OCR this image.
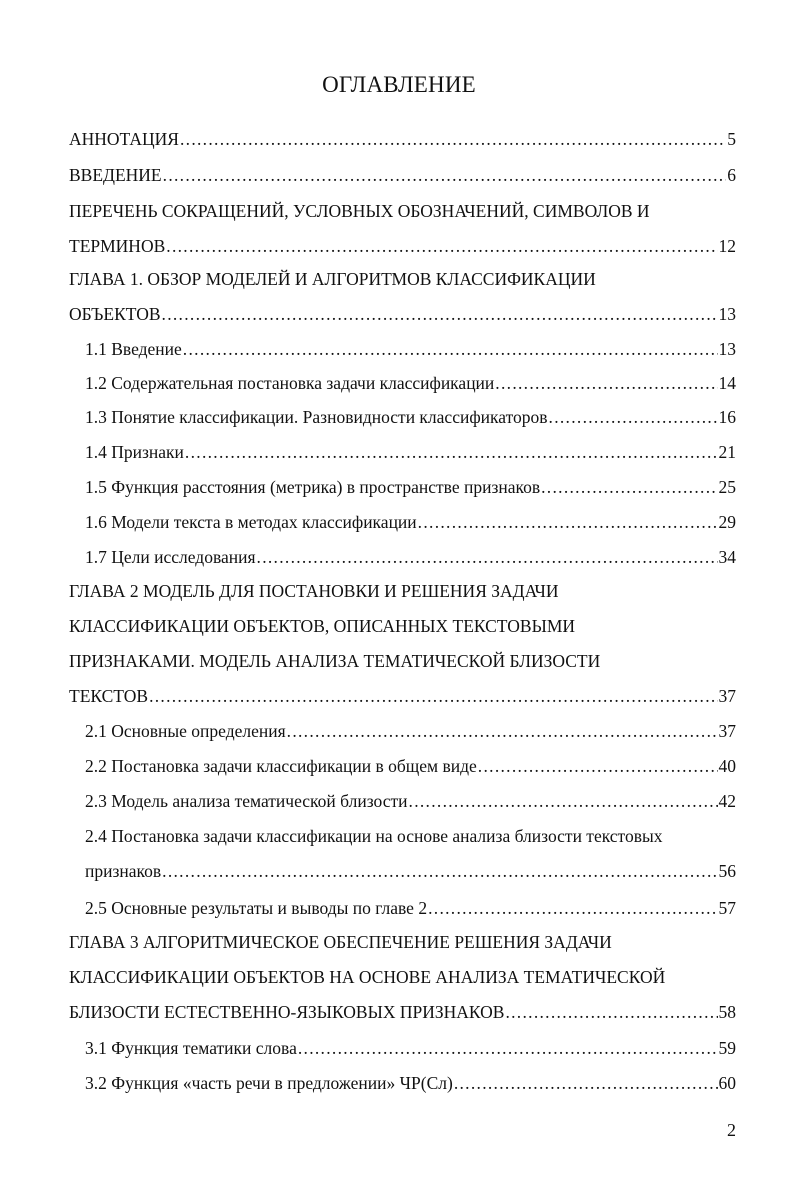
ОГЛАВЛЕНИЕ
АННОТАЦИЯ .....	5
ВВЕДЕНИЕ .....	6
ПЕРЕЧЕНЬ СОКРАЩЕНИЙ, УСЛОВНЫХ ОБОЗНАЧЕНИЙ, СИМВОЛОВ И
ТЕРМИНОВ .....	12
ГЛАВА 1. ОБЗОР МОДЕЛЕЙ И АЛГОРИТМОВ КЛАССИФИКАЦИИ
ОБЪЕКТОВ .....	13
1.1 Введение .....	13
1.2 Содержательная постановка задачи классификации .....	14
1.3 Понятие классификации. Разновидности классификаторов .....	16
1.4 Признаки .....	21
1.5 Функция расстояния (метрика) в пространстве признаков .....	25
1.6 Модели текста в методах классификации .....	29
1.7 Цели исследования .....	34
ГЛАВА 2 МОДЕЛЬ ДЛЯ ПОСТАНОВКИ И РЕШЕНИЯ ЗАДАЧИ
КЛАССИФИКАЦИИ ОБЪЕКТОВ, ОПИСАННЫХ ТЕКСТОВЫМИ
ПРИЗНАКАМИ. МОДЕЛЬ АНАЛИЗА ТЕМАТИЧЕСКОЙ БЛИЗОСТИ
ТЕКСТОВ .....	37
2.1 Основные определения .....	37
2.2 Постановка задачи классификации в общем виде .....	40
2.3 Модель анализа тематической близости .....	42
2.4 Постановка задачи классификации на основе анализа близости текстовых
признаков .....	56
2.5 Основные результаты и выводы по главе 2 .....	57
ГЛАВА 3 АЛГОРИТМИЧЕСКОЕ ОБЕСПЕЧЕНИЕ РЕШЕНИЯ ЗАДАЧИ
КЛАССИФИКАЦИИ ОБЪЕКТОВ НА ОСНОВЕ АНАЛИЗА ТЕМАТИЧЕСКОЙ
БЛИЗОСТИ ЕСТЕСТВЕННО-ЯЗЫКОВЫХ ПРИЗНАКОВ .....	58
3.1 Функция тематики слова .....	59
3.2 Функция «часть речи в предложении» ЧР(Сл) .....	60
2
